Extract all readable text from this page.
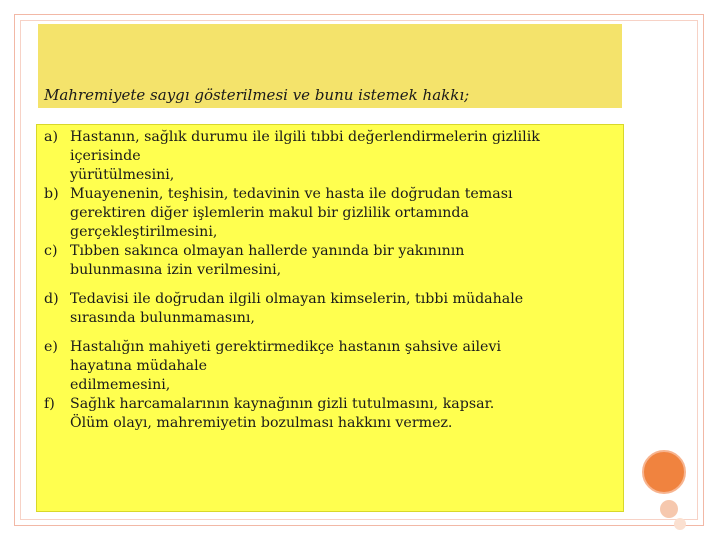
Mahremiyete saygı gösterilmesi ve bunu istemek hakkı;
a) Hastanın, sağlık durumu ile ilgili tıbbi değerlendirmelerin gizlilik
içerisinde
yürütülmesini,
b) Muayenenin, teşhisin, tedavinin ve hasta ile doğrudan teması
gerektiren diğer işlemlerin makul bir gizlilik ortamında
gerçekleştirilmesini,
c) Tıbben sakınca olmayan hallerde yanında bir yakınının
bulunmasına izin verilmesini,
d) Tedavisi ile doğrudan ilgili olmayan kimselerin, tıbbi müdahale
sırasında bulunmamasını,
e) Hastalığın mahiyeti gerektirmedikçe hastanın şahsive ailevi
hayatına müdahale
edilmemesini,
f) Sağlık harcamalarının kaynağının gizli tutulmasını, kapsar.
Ölüm olayı, mahremiyetin bozulması hakkını vermez.
